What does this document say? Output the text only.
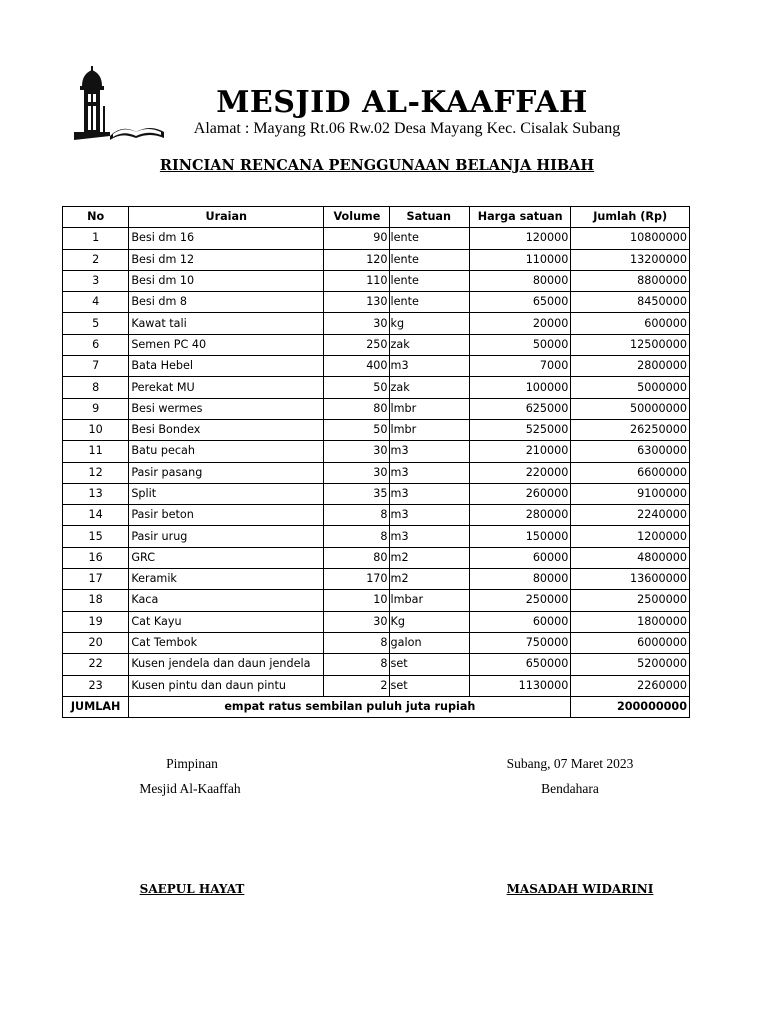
MESJID AL-KAAFFAH
Alamat : Mayang Rt.06 Rw.02 Desa Mayang Kec. Cisalak Subang
RINCIAN RENCANA PENGGUNAAN BELANJA HIBAH
No	Uraian	Volume	Satuan	Harga satuan	Jumlah (Rp)
1	Besi dm 16	90	lente	120000	10800000
2	Besi dm 12	120	lente	110000	13200000
3	Besi dm 10	110	lente	80000	8800000
4	Besi dm 8	130	lente	65000	8450000
5	Kawat tali	30	kg	20000	600000
6	Semen PC 40	250	zak	50000	12500000
7	Bata Hebel	400	m3	7000	2800000
8	Perekat MU	50	zak	100000	5000000
9	Besi wermes	80	lmbr	625000	50000000
10	Besi Bondex	50	lmbr	525000	26250000
11	Batu pecah	30	m3	210000	6300000
12	Pasir pasang	30	m3	220000	6600000
13	Split	35	m3	260000	9100000
14	Pasir beton	8	m3	280000	2240000
15	Pasir urug	8	m3	150000	1200000
16	GRC	80	m2	60000	4800000
17	Keramik	170	m2	80000	13600000
18	Kaca	10	lmbar	250000	2500000
19	Cat Kayu	30	Kg	60000	1800000
20	Cat Tembok	8	galon	750000	6000000
22	Kusen jendela dan daun jendela	8	set	650000	5200000
23	Kusen pintu dan daun pintu	2	set	1130000	2260000
JUMLAH	empat ratus sembilan puluh juta rupiah				200000000
Pimpinan
Mesjid Al-Kaaffah
SAEPUL HAYAT
Subang, 07 Maret 2023
Bendahara
MASADAH WIDARINI
